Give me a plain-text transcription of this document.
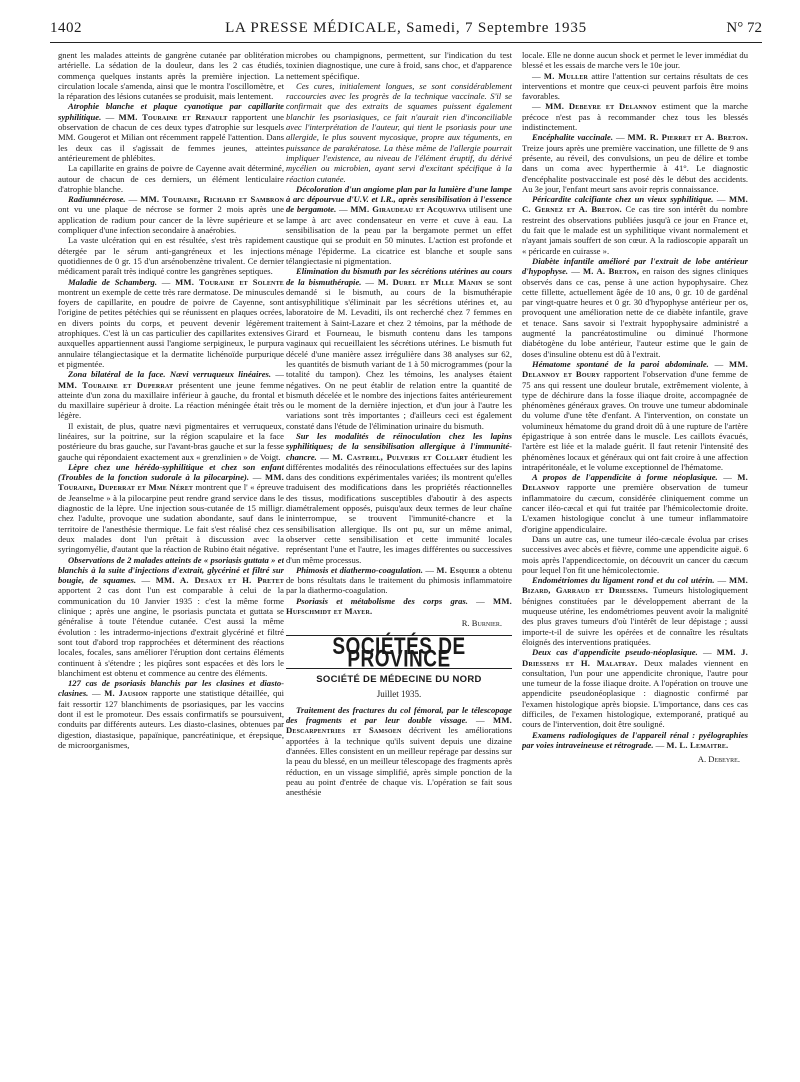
1402	LA PRESSE MÉDICALE, Samedi, 7 Septembre 1935	N° 72

gnent les malades atteints de gangrène cutanée par oblitération artérielle. La sédation de la douleur, dans les 2 cas étudiés, commença quelques instants après la première injection. La circulation locale s'amenda, ainsi que le montra l'oscillomètre, et la réparation des lésions cutanées se produisit, mais lentement.

Atrophie blanche et plaque cyanotique par capillarite syphilitique. — MM. Touraine et Renault rapportent une observation de chacun de ces deux types d'atrophie sur lesquels MM. Gougerot et Milian ont récemment rappelé l'attention. Dans les deux cas il s'agissait de femmes jeunes, atteintes antérieurement de phlébites.

La capillarite en grains de poivre de Cayenne avait déterminé, autour de chacun de ces derniers, un élément lenticulaire d'atrophie blanche.

Radiumnécrose. — MM. Touraine, Richard et Sambron ont vu une plaque de nécrose se former 2 mois après une application de radium pour cancer de la lèvre supérieure et se compliquer d'une infection secondaire à anaérobies.

La vaste ulcération qui en est résultée, s'est très rapidement détergée par le sérum anti-gangréneux et les injections quotidiennes de 0 gr. 15 d'un arsénobenzène trivalent. Ce dernier médicament paraît très indiqué contre les gangrènes septiques.

Maladie de Schamberg. — MM. Touraine et Solente montrent un exemple de cette très rare dermatose. De minuscules foyers de capillarite, en poudre de poivre de Cayenne, sont l'origine de petites pétéchies qui se réunissent en plaques ocrées, en divers points du corps, et peuvent devenir légèrement atrophiques. C'est là un cas particulier des capillarites extensives auxquelles appartiennent aussi l'angiome serpigineux, le purpura annulaire télangiectasique et la dermatite lichénoïde purpurique et pigmentée.

Zona bilatéral de la face. Nævi verruqueux linéaires. — MM. Touraine et Duperrat présentent une jeune femme atteinte d'un zona du maxillaire inférieur à gauche, du frontal et du maxillaire supérieur à droite. La réaction méningée était très légère.

Il existait, de plus, quatre nævi pigmentaires et verruqueux, linéaires, sur la poitrine, sur la région scapulaire et la face postérieure du bras gauche, sur l'avant-bras gauche et sur la fesse gauche qui répondaient exactement aux « grenzlinien » de Voigt.

Lèpre chez une hérédo-syphilitique et chez son enfant (Troubles de la fonction sudorale à la pilocarpine). — MM. Touraine, Duperrat et Mme Néret montrent que l' « épreuve de Jeanselme » à la pilocarpine peut rendre grand service dans le diagnostic de la lèpre. Une injection sous-cutanée de 15 milligr. chez l'adulte, provoque une sudation abondante, sauf dans le territoire de l'anesthésie thermique. Le fait s'est réalisé chez ces deux malades dont l'un prêtait à discussion avec la syringomyélie, d'autant que la réaction de Rubino était négative.

Observations de 2 malades atteints de « psoriasis guttata » et blanchis à la suite d'injections d'extrait, glycériné et filtré sur bougie, de squames. — MM. A. Desaux et H. Pretet apportent 2 cas dont l'un est comparable à celui de la communication du 10 Janvier 1935 : c'est la même forme clinique ; après une angine, le psoriasis punctata et guttata se généralise à toute l'étendue cutanée. C'est aussi la même évolution : les intradermo-injections d'extrait glycériné et filtré sont tout d'abord trop rapprochées et déterminent des réactions locales, focales, sans améliorer l'éruption dont certains éléments continuent à s'étendre ; les piqûres sont espacées et dès lors le blanchiment est obtenu et commence au centre des éléments.

127 cas de psoriasis blanchis par les clasines et diasto-clasines. — M. Jausion rapporte une statistique détaillée, qui fait ressortir 127 blanchiments de psoriasiques, par les vaccins dont il est le promoteur. Des essais confirmatifs se poursuivent, conduits par différents auteurs. Les diasto-clasines, obtenues par digestion, diastasique, papaïnique, pancréatinique, et érepsique, de microorganismes,

microbes ou champignons, permettent, sur l'indication du test toxinien diagnostique, une cure à froid, sans choc, et d'apparence nettement spécifique.

Ces cures, initialement longues, se sont considérablement raccourcies avec les progrès de la technique vaccinale. S'il se confirmait que des extraits de squames puissent également blanchir les psoriasiques, ce fait n'aurait rien d'inconciliable avec l'interprétation de l'auteur, qui tient le psoriasis pour une allergide, le plus souvent mycosique, propre aux téguments, en puissance de parakératose. La thèse même de l'allergie pourrait impliquer l'existence, au niveau de l'élément éruptif, du dérivé mycélien ou microbien, ayant servi d'excitant spécifique à la réaction cutanée.

Décoloration d'un angiome plan par la lumière d'une lampe à arc dépourvue d'U.V. et I.R., après sensibilisation à l'essence de bergamote. — MM. Giraudeau et Acquaviva utilisent une lampe à arc avec condensateur en verre et cuve à eau. La sensibilisation de la peau par la bergamote permet un effet caustique qui se produit en 50 minutes. L'action est profonde et ménage l'épiderme. La cicatrice est blanche et souple sans télangiectasie ni pigmentation.

Elimination du bismuth par les sécrétions utérines au cours de la bismuthérapie. — M. Durel et Mlle Manin se sont demandé si le bismuth, au cours de la bismuthérapie antisyphilitique s'éliminait par les sécrétions utérines et, au laboratoire de M. Levaditi, ils ont recherché chez 7 femmes en traitement à Saint-Lazare et chez 2 témoins, par la méthode de Girard et Fourneau, le bismuth contenu dans les tampons vaginaux qui recueillaient les sécrétions utérines. Le bismuth fut décelé d'une manière assez irrégulière dans 38 analyses sur 62, les quantités de bismuth variant de 1 à 50 microgrammes (pour la totalité du tampon). Chez les témoins, les analyses étaient négatives. On ne peut établir de relation entre la quantité de bismuth décelée et le nombre des injections faites antérieurement ou le moment de la dernière injection, et d'un jour à l'autre les variations sont très importantes ; d'ailleurs ceci est également constaté dans l'étude de l'élimination urinaire du bismuth.

Sur les modalités de réinoculation chez les lapins syphilitiques; de la sensibilisation allergique à l'immunité-chancre. — M. Castriel, Pulveris et Collart étudient les différentes modalités des réinoculations effectuées sur des lapins dans des conditions expérimentales variées; ils montrent qu'elles traduisent des modifications dans les propriétés réactionnelles des tissus, modifications susceptibles d'aboutir à des aspects diamétralement opposés, puisqu'aux deux termes de leur chaîne ininterrompue, se trouvent l'immunité-chancre et la sensibilisation allergique. Ils ont pu, sur un même animal, observer cette sensibilisation et cette immunité locales représentant l'une et l'autre, les images différentes ou successives d'un même processus.

Phimosis et diathermo-coagulation. — M. Esquier a obtenu de bons résultats dans le traitement du phimosis inflammatoire par la diathermo-coagulation.

Psoriasis et métabolisme des corps gras. — MM. Hufschmidt et Mayer.

R. Burnier.
SOCIÉTÉS DE PROVINCE
SOCIÉTÉ DE MÉDECINE DU NORD
Juillet 1935.

Traitement des fractures du col fémoral, par le télescopage des fragments et par leur double vissage. — MM. Descarpentries et Samsoen décrivent les améliorations apportées à la technique qu'ils suivent depuis une dizaine d'années. Elles consistent en un meilleur repérage par dessins sur la peau du blessé, en un meilleur télescopage des fragments après réduction, en un vissage simplifié, après simple ponction de la peau au point d'entrée de chaque vis. L'opération se fait sous anesthésie

locale. Elle ne donne aucun shock et permet le lever immédiat du blessé et les essais de marche vers le 10e jour.

— M. Muller attire l'attention sur certains résultats de ces interventions et montre que ceux-ci peuvent parfois être moins favorables.

— MM. Debeyre et Delannoy estiment que la marche précoce n'est pas à recommander chez tous les blessés indistinctement.

Encéphalite vaccinale. — MM. R. Pierret et A. Breton. Treize jours après une première vaccination, une fillette de 9 ans présente, au réveil, des convulsions, un peu de délire et tombe dans un coma avec hyperthermie à 41°. Le diagnostic d'encéphalite postvaccinale est posé dès le début des accidents. Au 3e jour, l'enfant meurt sans avoir repris connaissance.

Péricardite calcifiante chez un vieux syphilitique. — MM. C. Gernez et A. Breton. Ce cas tire son intérêt du nombre restreint des observations publiées jusqu'à ce jour en France et, du fait que le malade est un syphilitique vivant normalement et n'ayant jamais souffert de son cœur. A la radioscopie apparaît un « péricarde en cuirasse ».

Diabète infantile amélioré par l'extrait de lobe antérieur d'hypophyse. — M. A. Breton, en raison des signes cliniques observés dans ce cas, pense à une action hypophysaire. Chez cette fillette, actuellement âgée de 10 ans, 0 gr. 10 de gardénal par vingt-quatre heures et 0 gr. 30 d'hypophyse antérieur per os, provoquent une amélioration nette de ce diabète infantile, grave et tenace. Sans savoir si l'extrait hypophysaire administré a augmenté la pancréatostimuline ou diminué l'hormone diabétogène du lobe antérieur, l'auteur estime que le gain de doses d'insuline obtenu est dû à l'extrait.

Hématome spontané de la paroi abdominale. — MM. Delannoy et Boury rapportent l'observation d'une femme de 75 ans qui ressent une douleur brutale, extrêmement violente, à type de déchirure dans la fosse iliaque droite, accompagnée de phénomènes généraux graves. On trouve une tumeur abdominale du volume d'une tête d'enfant. A l'intervention, on constate un volumineux hématome du grand droit dû à une rupture de l'artère épigastrique à son entrée dans le muscle. Les caillots évacués, l'artère est liée et la malade guérit. Il faut retenir l'intensité des phénomènes locaux et généraux qui ont fait croire à une affection intrapéritonéale, et le volume exceptionnel de l'hématome.

A propos de l'appendicite à forme néoplasique. — M. Delannoy rapporte une première observation de tumeur inflammatoire du cæcum, considérée cliniquement comme un cancer iléo-cæcal et qui fut traitée par l'hémicolectomie droite. L'examen histologique conclut à une tumeur inflammatoire d'origine appendiculaire.

Dans un autre cas, une tumeur iléo-cæcale évolua par crises successives avec abcès et fièvre, comme une appendicite aiguë. 6 mois après l'appendicectomie, on découvrit un cancer du cæcum pour lequel l'on fit une hémicolectomie.

Endométriomes du ligament rond et du col utérin. — MM. Bizard, Garraud et Driessens. Tumeurs histologiquement bénignes constituées par le développement aberrant de la muqueuse utérine, les endométriomes peuvent avoir la malignité des plus graves tumeurs d'où l'intérêt de leur dépistage ; aussi importe-t-il de suivre les opérées et de connaître les résultats éloignés des interventions pratiquées.

Deux cas d'appendicite pseudo-néoplasique. — MM. J. Driessens et H. Malatray. Deux malades viennent en consultation, l'un pour une appendicite chronique, l'autre pour une tumeur de la fosse iliaque droite. A l'opération on trouve une appendicite pseudonéoplasique : diagnostic confirmé par l'examen histologique après biopsie. L'importance, dans ces cas difficiles, de l'examen histologique, extemporané, pratiqué au cours de l'intervention, doit être souligné.

Examens radiologiques de l'appareil rénal : pyélographies par voies intraveineuse et rétrograde. — M. L. Lemaitre.

A. Debeyre.
